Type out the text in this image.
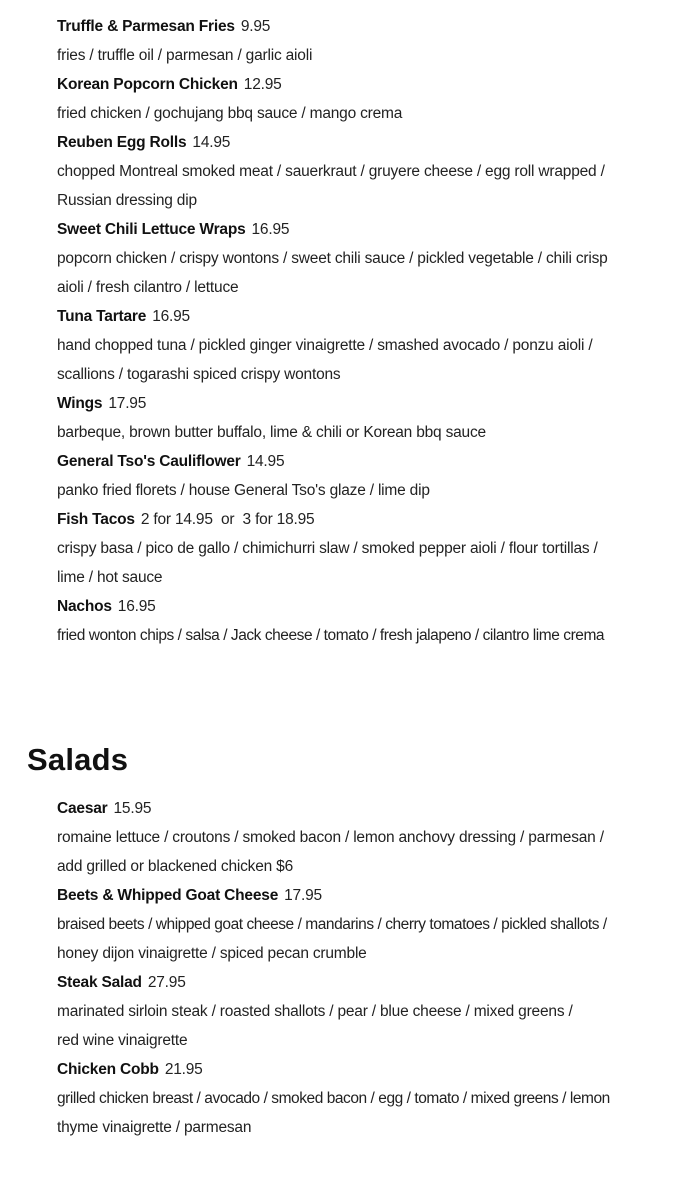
Truffle & Parmesan Fries 9.95

fries / truffle oil / parmesan / garlic aioli

Korean Popcorn Chicken 12.95

fried chicken / gochujang bbq sauce / mango crema

Reuben Egg Rolls 14.95

chopped Montreal smoked meat / sauerkraut / gruyere cheese / egg roll wrapped /

Russian dressing dip

Sweet Chili Lettuce Wraps 16.95

popcorn chicken / crispy wontons / sweet chili sauce / pickled vegetable / chili crisp

aioli / fresh cilantro / lettuce

Tuna Tartare 16.95

hand chopped tuna / pickled ginger vinaigrette / smashed avocado / ponzu aioli /

scallions / togarashi spiced crispy wontons

Wings 17.95

barbeque, brown butter buffalo, lime & chili or Korean bbq sauce

General Tso's Cauliflower 14.95

panko fried florets / house General Tso's glaze / lime dip

Fish Tacos 2 for 14.95  or  3 for 18.95

crispy basa / pico de gallo / chimichurri slaw / smoked pepper aioli / flour tortillas /

lime / hot sauce

Nachos 16.95

fried wonton chips / salsa / Jack cheese / tomato / fresh jalapeno / cilantro lime crema

Salads

Caesar 15.95

romaine lettuce / croutons / smoked bacon / lemon anchovy dressing / parmesan /

add grilled or blackened chicken $6

Beets & Whipped Goat Cheese 17.95

braised beets / whipped goat cheese / mandarins / cherry tomatoes / pickled shallots /

honey dijon vinaigrette / spiced pecan crumble

Steak Salad 27.95

marinated sirloin steak / roasted shallots / pear / blue cheese / mixed greens /

red wine vinaigrette

Chicken Cobb 21.95

grilled chicken breast / avocado / smoked bacon / egg / tomato / mixed greens / lemon

thyme vinaigrette / parmesan
